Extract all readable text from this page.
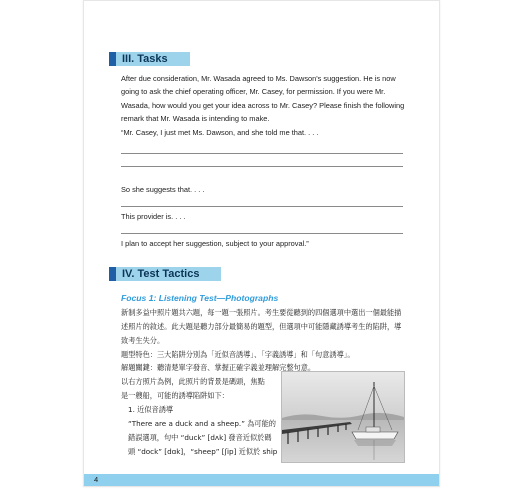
III. Tasks
After due consideration, Mr. Wasada agreed to Ms. Dawson's suggestion. He is now
going to ask the chief operating officer, Mr. Casey, for permission. If you were Mr.
Wasada, how would you get your idea across to Mr. Casey? Please finish the following
remark that Mr. Wasada is intending to make.
“Mr. Casey, I just met Ms. Dawson, and she told me that. . . .
So she suggests that. . . .
This provider is. . . .
I plan to accept her suggestion, subject to your approval.”
IV. Test Tactics
Focus 1: Listening Test—Photographs
新制多益中照片題共六題，每一題一張照片。考生要從聽到的四個選項中選出一個最能描
述照片的敘述。此大題是聽力部分最簡易的題型，但選項中可能隱藏誘導考生的陷阱，導
致考生失分。
題型特色：三大陷阱分別為「近似音誘導」、「字義誘導」和「句意誘導」。
解題關鍵：聽清楚單字發音、掌握正確字義並理解完整句意。
以右方照片為例，此照片的背景是碼頭，焦點
是一艘船，可能的誘導陷阱如下：
1. 近似音誘導
“There are a duck and a sheep.” 為可能的
錯誤選項，句中 “duck” [dʌk] 發音近似於碼
頭 “dock” [dɑk]，“sheep” [ʃip] 近似於 ship
4
